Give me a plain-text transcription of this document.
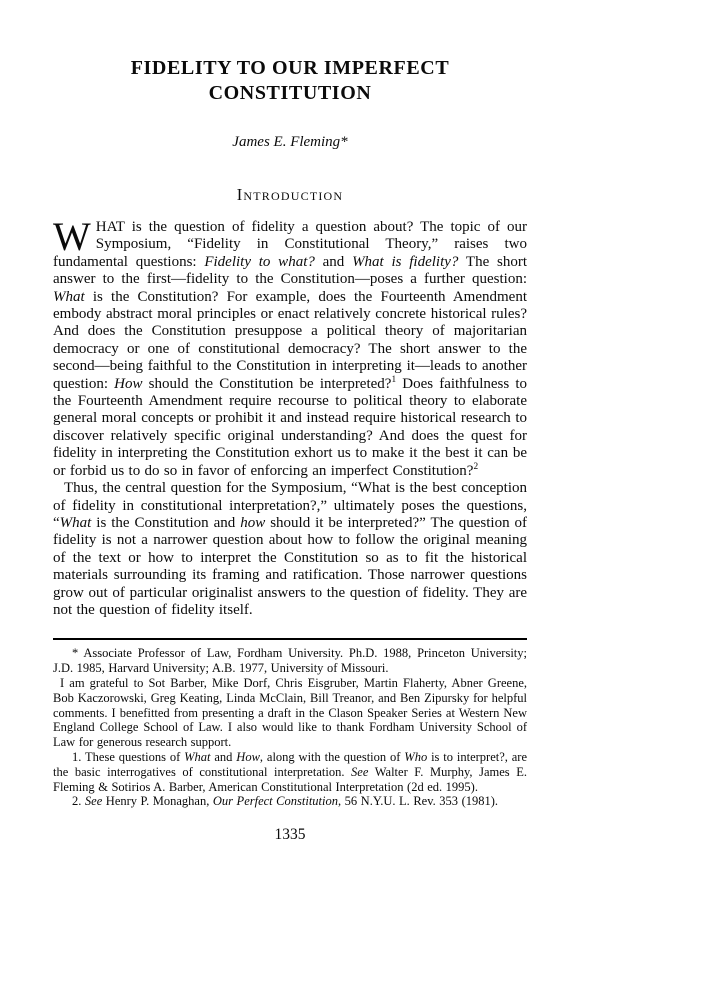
FIDELITY TO OUR IMPERFECT
CONSTITUTION
James E. Fleming*
Introduction

WHAT is the question of fidelity a question about? The topic of our Symposium, “Fidelity in Constitutional Theory,” raises two fundamental questions: Fidelity to what? and What is fidelity? The short answer to the first—fidelity to the Constitution—poses a further question: What is the Constitution? For example, does the Fourteenth Amendment embody abstract moral principles or enact relatively concrete historical rules? And does the Constitution presuppose a political theory of majoritarian democracy or one of constitutional democracy? The short answer to the second—being faithful to the Constitution in interpreting it—leads to another question: How should the Constitution be interpreted?$^1$ Does faithfulness to the Fourteenth Amendment require recourse to political theory to elaborate general moral concepts or prohibit it and instead require historical research to discover relatively specific original understanding? And does the quest for fidelity in interpreting the Constitution exhort us to make it the best it can be or forbid us to do so in favor of enforcing an imperfect Constitution?$^2$

Thus, the central question for the Symposium, “What is the best conception of fidelity in constitutional interpretation?,” ultimately poses the questions, “What is the Constitution and how should it be interpreted?” The question of fidelity is not a narrower question about how to follow the original meaning of the text or how to interpret the Constitution so as to fit the historical materials surrounding its framing and ratification. Those narrower questions grow out of particular originalist answers to the question of fidelity. They are not the question of fidelity itself.

* Associate Professor of Law, Fordham University. Ph.D. 1988, Princeton University; J.D. 1985, Harvard University; A.B. 1977, University of Missouri.

I am grateful to Sot Barber, Mike Dorf, Chris Eisgruber, Martin Flaherty, Abner Greene, Bob Kaczorowski, Greg Keating, Linda McClain, Bill Treanor, and Ben Zipursky for helpful comments. I benefitted from presenting a draft in the Clason Speaker Series at Western New England College School of Law. I also would like to thank Fordham University School of Law for generous research support.

1. These questions of What and How, along with the question of Who is to interpret?, are the basic interrogatives of constitutional interpretation. See Walter F. Murphy, James E. Fleming & Sotirios A. Barber, American Constitutional Interpretation (2d ed. 1995).

2. See Henry P. Monaghan, Our Perfect Constitution, 56 N.Y.U. L. Rev. 353 (1981).

1335
